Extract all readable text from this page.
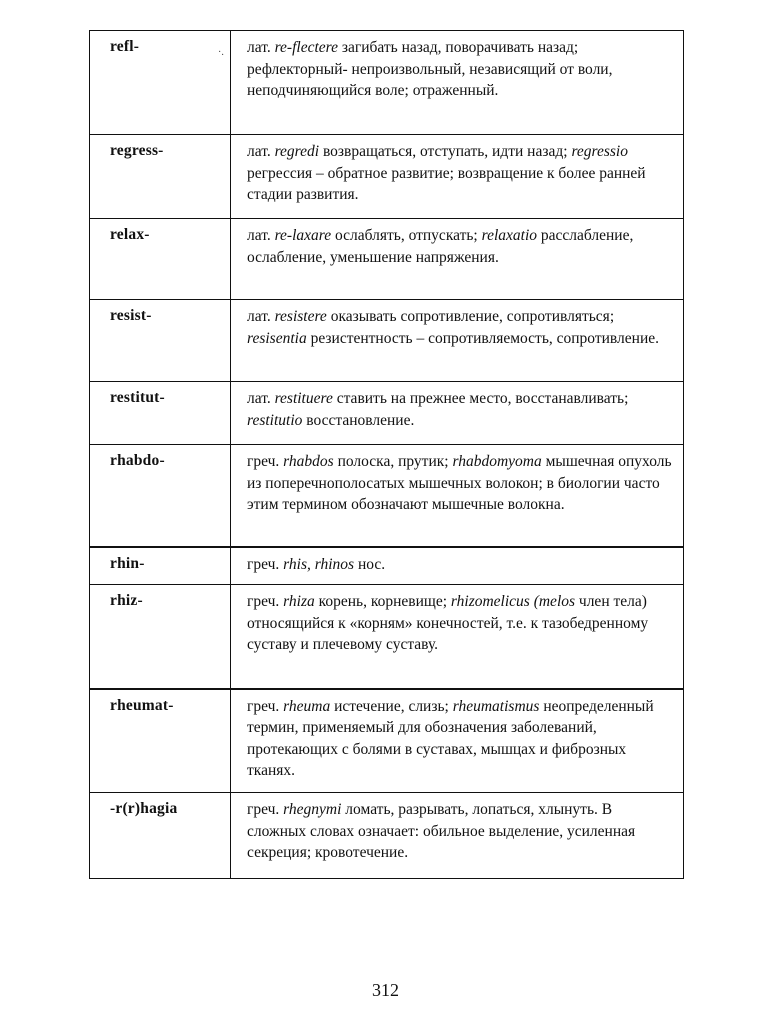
refl-	лат. re-flectere загибать назад, поворачивать назад; рефлекторный- непроизвольный, независящий от воли, неподчиняющийся воле; отраженный.
regress-	лат. regredi возвращаться, отступать, идти назад; regressio регрессия – обратное развитие; возвращение к более ранней стадии развития.
relax-	лат. re-laxare ослаблять, отпускать; relaxatio расслабление, ослабление, уменьшение напряжения.
resist-	лат. resistere оказывать сопротивление, сопротивляться; resisentia резистентность – сопротивляемость, сопротивление.
restitut-	лат. restituere ставить на прежнее место, восстанавливать; restitutio восстановление.
rhabdo-	греч. rhabdos полоска, прутик; rhabdomyoma мышечная опухоль из поперечнополосатых мышечных волокон; в биологии часто этим термином обозначают мышечные волокна.
rhin-	греч. rhis, rhinos нос.
rhiz-	греч. rhiza корень, корневище; rhizomelicus (melos член тела) относящийся к «корням» конечностей, т.е. к тазобедренному суставу и плечевому суставу.
rheumat-	греч. rheuma истечение, слизь; rheumatismus неопределенный термин, применяемый для обозначения заболеваний, протекающих с болями в суставах, мышцах и фиброзных тканях.
-r(r)hagia	греч. rhegnymi ломать, разрывать, лопаться, хлынуть. В сложных словах означает: обильное выделение, усиленная секреция; кровотечение.
·.
312
